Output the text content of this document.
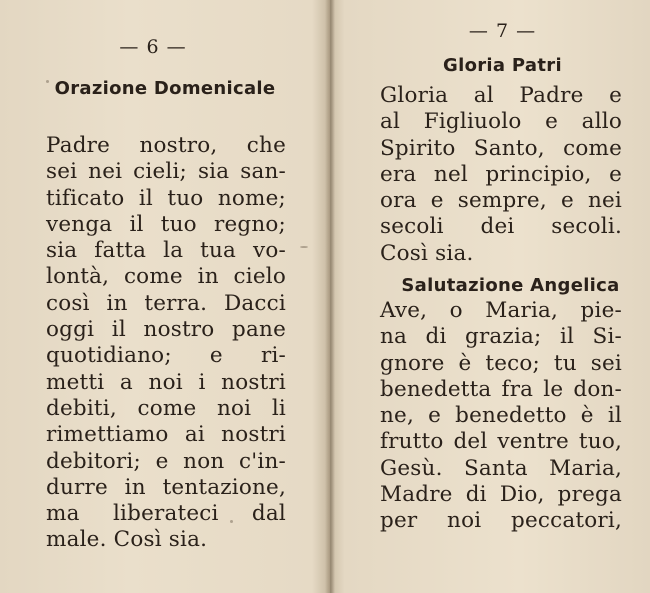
— 6 —
Orazione Domenicale
Padre nostro, che
sei nei cieli; sia san-
tificato il tuo nome;
venga il tuo regno;
sia fatta la tua vo-
lontà, come in cielo
così in terra. Dacci
oggi il nostro pane
quotidiano; e ri-
metti a noi i nostri
debiti, come noi li
rimettiamo ai nostri
debitori; e non c'in-
durre in tentazione,
ma liberateci dal
male. Così sia.
— 7 —
Gloria Patri
Gloria al Padre e
al Figliuolo e allo
Spirito Santo, come
era nel principio, e
ora e sempre, e nei
secoli dei secoli.
Così sia.
Salutazione Angelica
Ave, o Maria, pie-
na di grazia; il Si-
gnore è teco; tu sei
benedetta fra le don-
ne, e benedetto è il
frutto del ventre tuo,
Gesù. Santa Maria,
Madre di Dio, prega
per noi peccatori,
